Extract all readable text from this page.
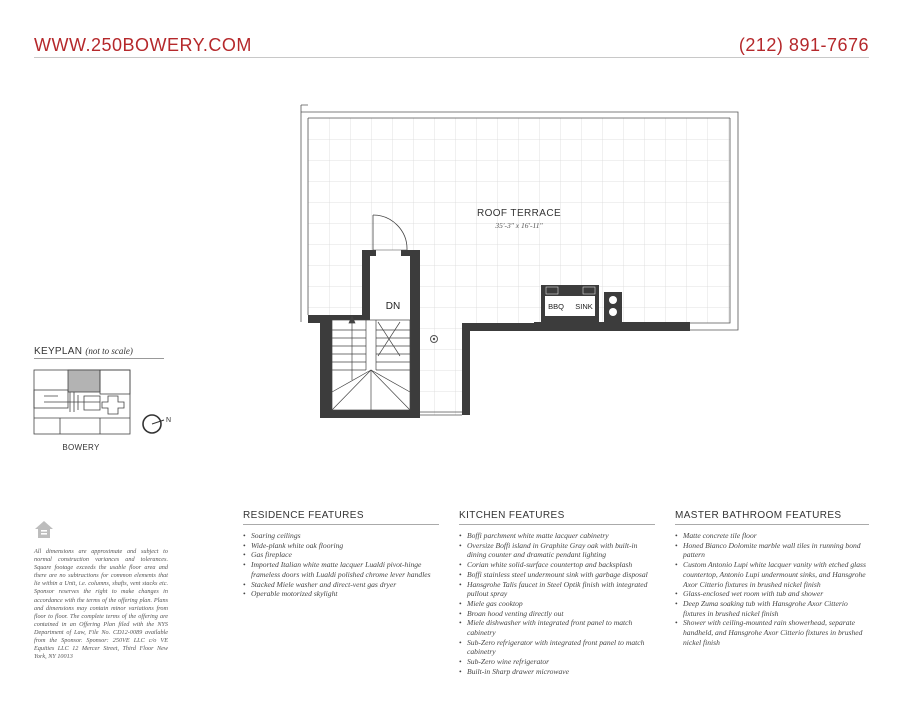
WWW.250BOWERY.COM	(212) 891-7676
ROOF TERRACE
35'-3" x 16'-11"
DN	BBQ SINK
BOWERY
N
KEYPLAN (not to scale)
All dimensions are approximate and subject to normal construction variances and tolerances. Square footage exceeds the usable floor area and there are no subtractions for common elements that lie within a Unit, i.e. columns, shafts, vent stacks etc. Sponsor reserves the right to make changes in accordance with the terms of the offering plan. Plans and dimensions may contain minor variations from floor to floor. The complete terms of the offering are contained in an Offering Plan filed with the NYS Department of Law, File No. CD12-0089 available from the Sponsor. Sponsor: 250VE LLC c/o VE Equities LLC 12 Mercer Street, Third Floor New York, NY 10013
RESIDENCE FEATURES
• Soaring ceilings
• Wide-plank white oak flooring
• Gas fireplace
• Imported Italian white matte lacquer Lualdi pivot-hinge frameless doors with Lualdi polished chrome lever handles
• Stacked Miele washer and direct-vent gas dryer
• Operable motorized skylight
KITCHEN FEATURES
• Boffi parchment white matte lacquer cabinetry
• Oversize Boffi island in Graphite Gray oak with built-in dining counter and dramatic pendant lighting
• Corian white solid-surface countertop and backsplash
• Boffi stainless steel undermount sink with garbage disposal
• Hansgrohe Talis faucet in Steel Optik finish with integrated pullout spray
• Miele gas cooktop
• Broan hood venting directly out
• Miele dishwasher with integrated front panel to match cabinetry
• Sub-Zero refrigerator with integrated front panel to match cabinetry
• Sub-Zero wine refrigerator
• Built-in Sharp drawer microwave
MASTER BATHROOM FEATURES
• Matte concrete tile floor
• Honed Bianco Dolomite marble wall tiles in running bond pattern
• Custom Antonio Lupi white lacquer vanity with etched glass countertop, Antonio Lupi undermount sinks, and Hansgrohe Axor Citterio fixtures in brushed nickel finish
• Glass-enclosed wet room with tub and shower
• Deep Zuma soaking tub with Hansgrohe Axor Citterio fixtures in brushed nickel finish
• Shower with ceiling-mounted rain showerhead, separate handheld, and Hansgrohe Axor Citterio fixtures in brushed nickel finish
